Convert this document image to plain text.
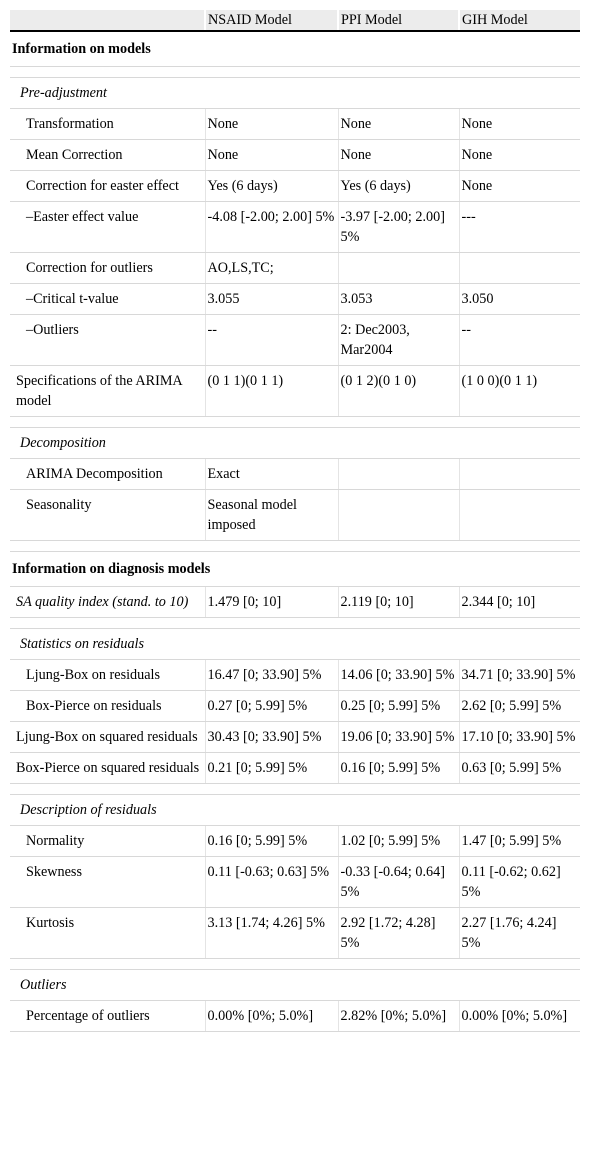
	NSAID Model	PPI Model	GIH Model
Information on models			

Pre-adjustment			
Transformation	None	None	None
Mean Correction	None	None	None
Correction for easter effect	Yes (6 days)	Yes (6 days)	None
–Easter effect value	-4.08 [-2.00; 2.00] 5%	-3.97 [-2.00; 2.00] 5%	---
Correction for outliers	AO,LS,TC;		
–Critical t-value	3.055	3.053	3.050
–Outliers	--	2: Dec2003, Mar2004	--
Specifications of the ARIMA model	(0 1 1)(0 1 1)	(0 1 2)(0 1 0)	(1 0 0)(0 1 1)

Decomposition			
ARIMA Decomposition	Exact		
Seasonality	Seasonal model imposed		

Information on diagnosis models			
SA quality index (stand. to 10)	1.479 [0; 10]	2.119 [0; 10]	2.344 [0; 10]

Statistics on residuals			
Ljung-Box on residuals	16.47 [0; 33.90] 5%	14.06 [0; 33.90] 5%	34.71 [0; 33.90] 5%
Box-Pierce on residuals	0.27 [0; 5.99] 5%	0.25 [0; 5.99] 5%	2.62 [0; 5.99] 5%
Ljung-Box on squared residuals	30.43 [0; 33.90] 5%	19.06 [0; 33.90] 5%	17.10 [0; 33.90] 5%
Box-Pierce on squared residuals	0.21 [0; 5.99] 5%	0.16 [0; 5.99] 5%	0.63 [0; 5.99] 5%

Description of residuals			
Normality	0.16 [0; 5.99] 5%	1.02 [0; 5.99] 5%	1.47 [0; 5.99] 5%
Skewness	0.11 [-0.63; 0.63] 5%	-0.33 [-0.64; 0.64] 5%	0.11 [-0.62; 0.62] 5%
Kurtosis	3.13 [1.74; 4.26] 5%	2.92 [1.72; 4.28] 5%	2.27 [1.76; 4.24] 5%

Outliers			
Percentage of outliers	0.00% [0%; 5.0%]	2.82% [0%; 5.0%]	0.00% [0%; 5.0%]
